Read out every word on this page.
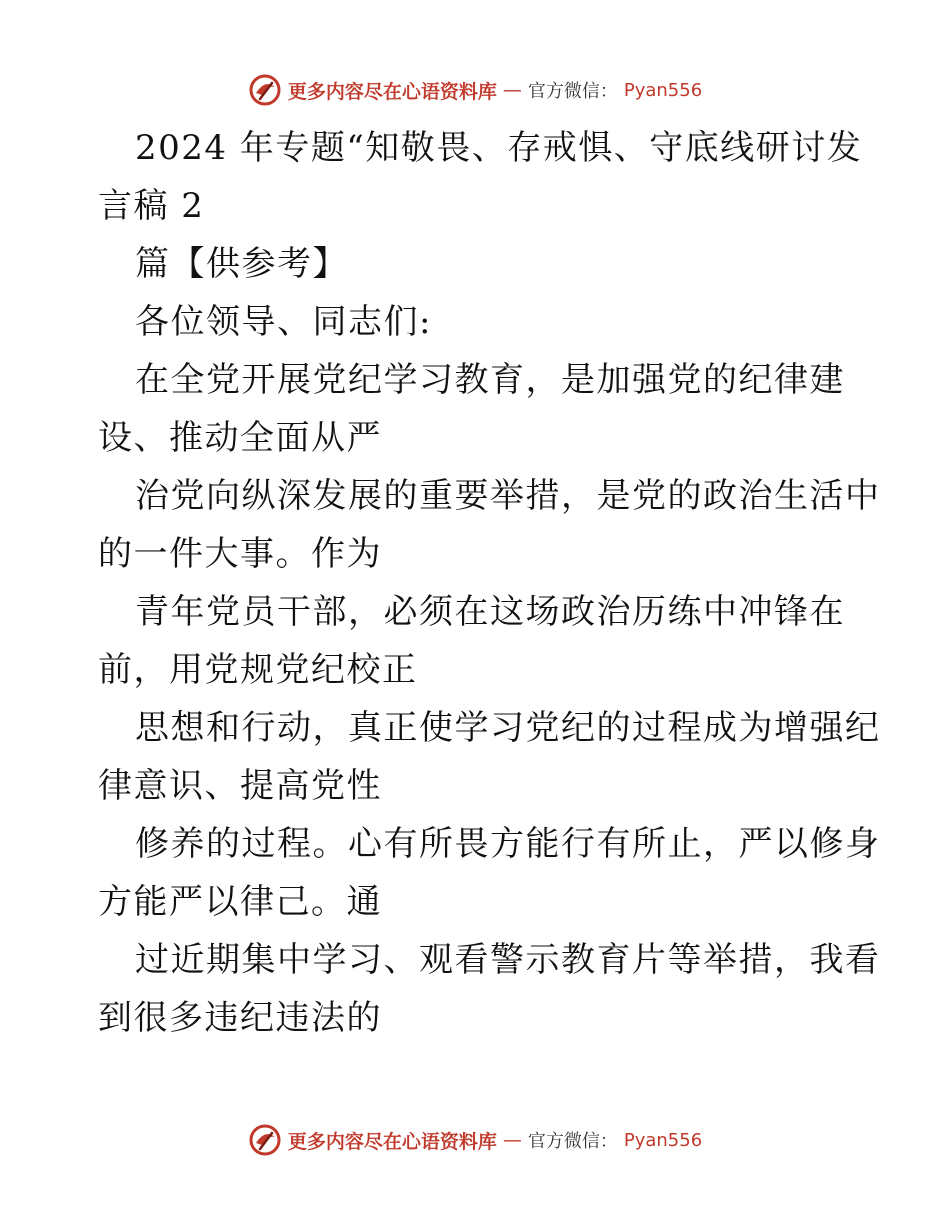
更多内容尽在心语资料库 — 官方微信： Pyan556
2024 年专题“知敬畏、存戒惧、守底线研讨发
言稿 2
篇【供参考】
各位领导、同志们:
在全党开展党纪学习教育，是加强党的纪律建
设、推动全面从严
治党向纵深发展的重要举措，是党的政治生活中
的一件大事。作为
青年党员干部，必须在这场政治历练中冲锋在
前，用党规党纪校正
思想和行动，真正使学习党纪的过程成为增强纪
律意识、提高党性
修养的过程。心有所畏方能行有所止，严以修身
方能严以律己。通
过近期集中学习、观看警示教育片等举措，我看
到很多违纪违法的
更多内容尽在心语资料库 — 官方微信： Pyan556
